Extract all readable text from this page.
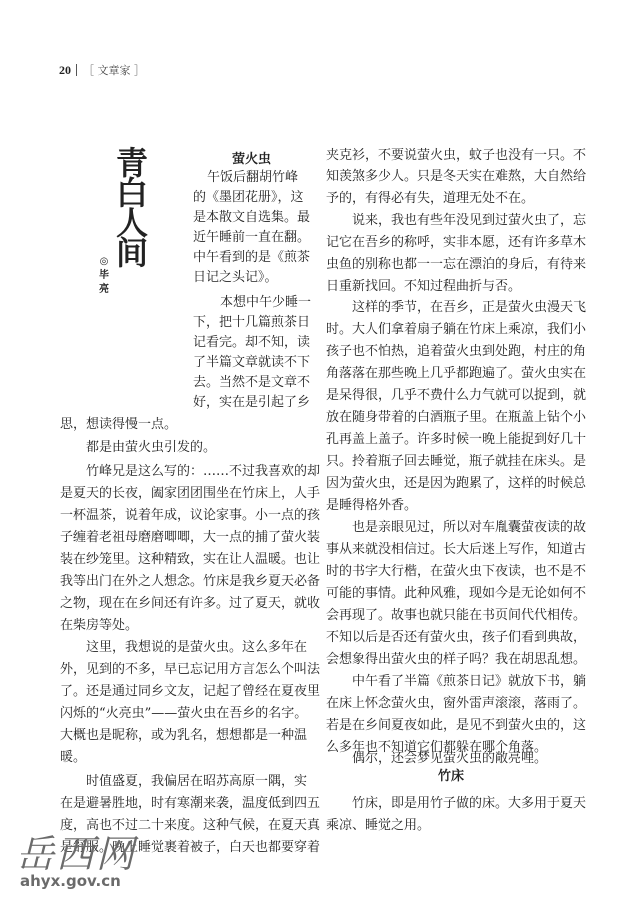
20 ［ 文章家 ］
青
白
人
间
◎
毕
亮
萤火虫
竹床

午饭后翻胡竹峰

的《墨团花册》，这

是本散文自选集。最

近午睡前一直在翻。

中午看到的是《煎茶

日记之头记》。

本想中午少睡一

下，把十几篇煎茶日

记看完。却不知，读

了半篇文章就读不下

去。当然不是文章不

好，实在是引起了乡

思，想读得慢一点。

都是由萤火虫引发的。

竹峰兄是这么写的：……不过我喜欢的却

是夏天的长夜，阖家团团围坐在竹床上，人手

一杯温茶，说着年成，议论家事。小一点的孩

子缠着老祖母磨磨唧唧，大一点的捕了萤火装

装在纱笼里。这种精致，实在让人温暖。也让

我等出门在外之人想念。竹床是我乡夏天必备

之物，现在在乡间还有许多。过了夏天，就收

在柴房等处。

这里，我想说的是萤火虫。这么多年在

外，见到的不多，早已忘记用方言怎么个叫法

了。还是通过同乡文友，记起了曾经在夏夜里

闪烁的“火亮虫”——萤火虫在吾乡的名字。

大概也是昵称，或为乳名，想想都是一种温

暖。

时值盛夏，我偏居在昭苏高原一隅，实

在是避暑胜地，时有寒潮来袭，温度低到四五

度，高也不过二十来度。这种气候，在夏天真

是舒服。晚上睡觉裹着被子，白天也都要穿着

夹克衫，不要说萤火虫，蚊子也没有一只。不

知羡煞多少人。只是冬天实在难熬，大自然给

予的，有得必有失，道理无处不在。

说来，我也有些年没见到过萤火虫了，忘

记它在吾乡的称呼，实非本愿，还有许多草木

虫鱼的别称也都一一忘在漂泊的身后，有待来

日重新找回。不知过程曲折与否。

这样的季节，在吾乡，正是萤火虫漫天飞

时。大人们拿着扇子躺在竹床上乘凉，我们小

孩子也不怕热，追着萤火虫到处跑，村庄的角

角落落在那些晚上几乎都跑遍了。萤火虫实在

是呆得很，几乎不费什么力气就可以捉到，就

放在随身带着的白酒瓶子里。在瓶盖上钻个小

孔再盖上盖子。许多时候一晚上能捉到好几十

只。拎着瓶子回去睡觉，瓶子就挂在床头。是

因为萤火虫，还是因为跑累了，这样的时候总

是睡得格外香。

也是亲眼见过，所以对车胤囊萤夜读的故

事从来就没相信过。长大后迷上写作，知道古

时的书字大行楷，在萤火虫下夜读，也不是不

可能的事情。此种风雅，现如今是无论如何不

会再现了。故事也就只能在书页间代代相传。

不知以后是否还有萤火虫，孩子们看到典故，

会想象得出萤火虫的样子吗？我在胡思乱想。

中午看了半篇《煎茶日记》就放下书，躺

在床上怀念萤火虫，窗外雷声滚滚，落雨了。

若是在乡间夏夜如此，是见不到萤火虫的，这

么多年也不知道它们都躲在哪个角落。

偶尔，还会梦见萤火虫的敞亮哩。

竹床，即是用竹子做的床。大多用于夏天

乘凉、睡觉之用。

岳西网
ahyx.gov.cn
